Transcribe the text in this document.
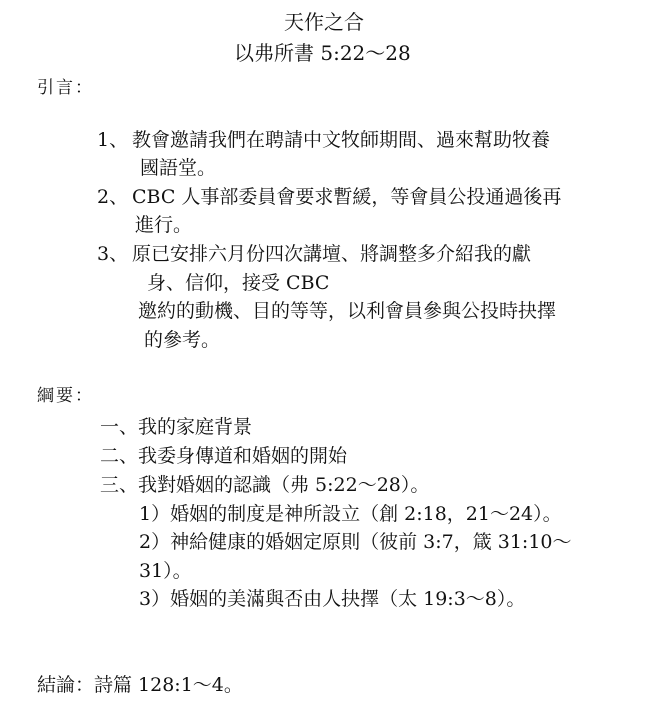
天作之合
以弗所書 5:22～28
引言：
1、 教會邀請我們在聘請中文牧師期間、過來幫助牧養
國語堂。
2、 CBC 人事部委員會要求暫緩，等會員公投通過後再
進行。
3、 原已安排六月份四次講壇、將調整多介紹我的獻
身、信仰，接受 CBC
邀約的動機、目的等等，以利會員參與公投時抉擇
的參考。
綱要：
一、我的家庭背景
二、我委身傳道和婚姻的開始
三、我對婚姻的認識（弗 5:22～28）。
1）婚姻的制度是神所設立（創 2:18，21～24）。
2）神給健康的婚姻定原則（彼前 3:7，箴 31:10～
31）。
3）婚姻的美滿與否由人抉擇（太 19:3～8）。
結論：詩篇 128:1～4。
